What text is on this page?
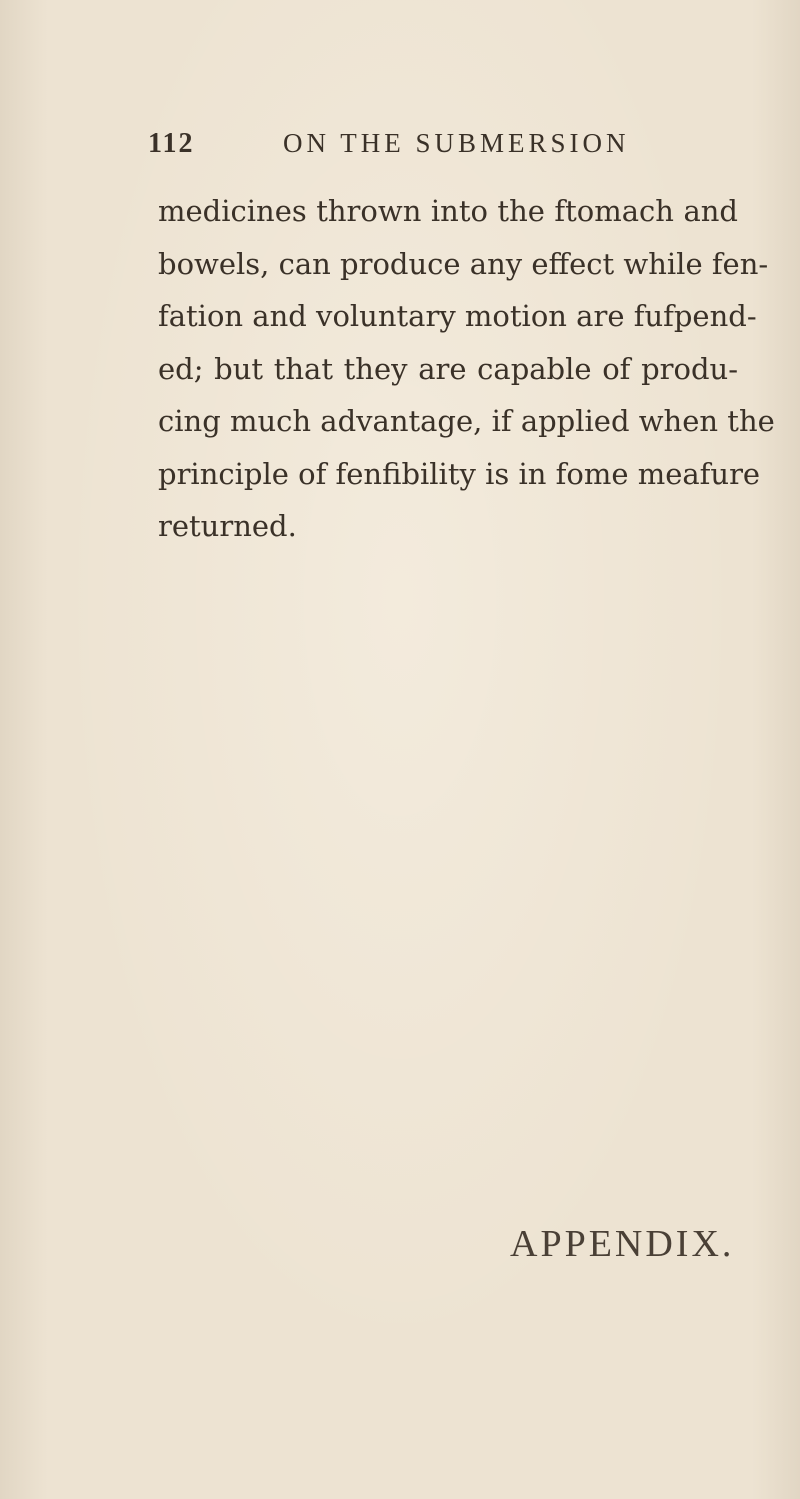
112	ON THE SUBMERSION
medicines thrown into the ftomach and
bowels, can produce any effect while fen-
fation and voluntary motion are fufpend-
ed; but that they are capable of produ-
cing much advantage, if applied when the
principle of fenfibility is in fome meafure
returned.
APPENDIX.
